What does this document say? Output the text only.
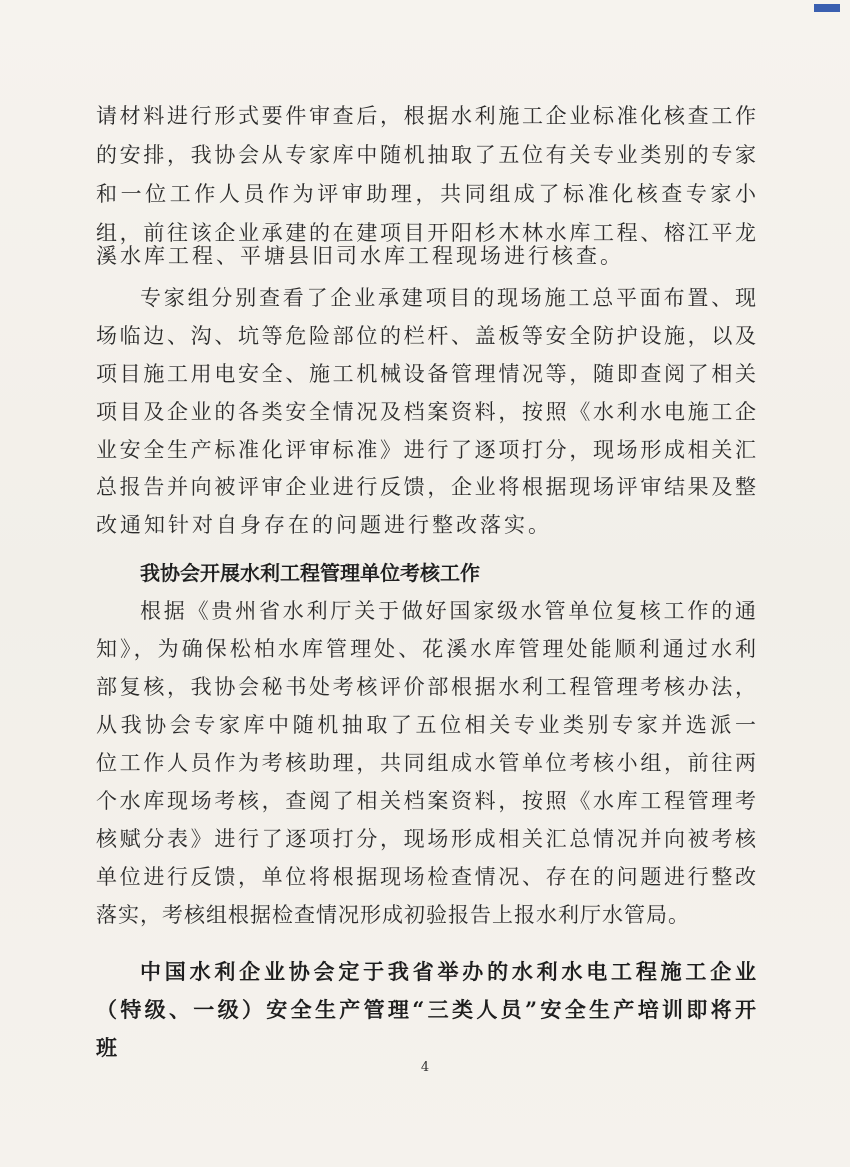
请材料进行形式要件审查后，根据水利施工企业标准化核查工作
的安排，我协会从专家库中随机抽取了五位有关专业类别的专家
和一位工作人员作为评审助理，共同组成了标准化核查专家小
组，前往该企业承建的在建项目开阳杉木林水库工程、榕江平龙
溪水库工程、平塘县旧司水库工程现场进行核查。
专家组分别查看了企业承建项目的现场施工总平面布置、现
场临边、沟、坑等危险部位的栏杆、盖板等安全防护设施，以及
项目施工用电安全、施工机械设备管理情况等，随即查阅了相关
项目及企业的各类安全情况及档案资料，按照《水利水电施工企
业安全生产标准化评审标准》进行了逐项打分，现场形成相关汇
总报告并向被评审企业进行反馈，企业将根据现场评审结果及整
改通知针对自身存在的问题进行整改落实。
我协会开展水利工程管理单位考核工作
根据《贵州省水利厅关于做好国家级水管单位复核工作的通
知》，为确保松柏水库管理处、花溪水库管理处能顺利通过水利
部复核，我协会秘书处考核评价部根据水利工程管理考核办法，
从我协会专家库中随机抽取了五位相关专业类别专家并选派一
位工作人员作为考核助理，共同组成水管单位考核小组，前往两
个水库现场考核，查阅了相关档案资料，按照《水库工程管理考
核赋分表》进行了逐项打分，现场形成相关汇总情况并向被考核
单位进行反馈，单位将根据现场检查情况、存在的问题进行整改
落实，考核组根据检查情况形成初验报告上报水利厅水管局。
中国水利企业协会定于我省举办的水利水电工程施工企业
（特级、一级）安全生产管理“三类人员”安全生产培训即将开
班
4
